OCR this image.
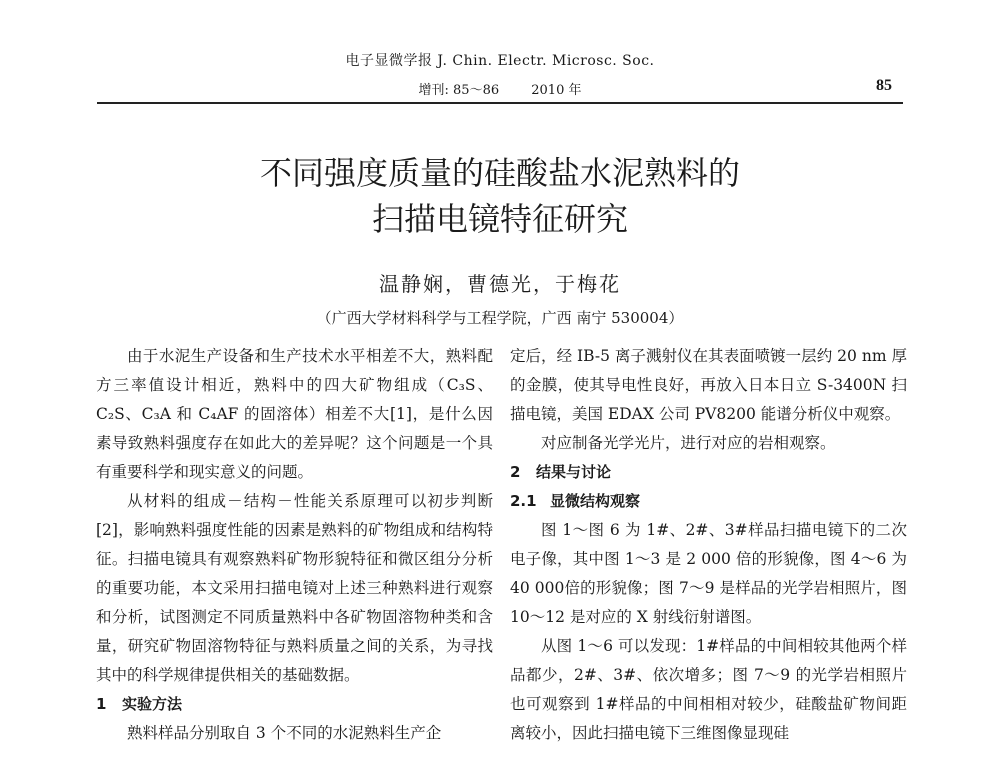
电子显微学报 J. Chin. Electr. Microsc. Soc.
增刊: 85～86 2010 年	85
不同强度质量的硅酸盐水泥熟料的
扫描电镜特征研究
温静娴，曹德光，于梅花
（广西大学材料科学与工程学院，广西 南宁 530004）

由于水泥生产设备和生产技术水平相差不大，熟料配方三率值设计相近，熟料中的四大矿物组成（C₃S、C₂S、C₃A 和 C₄AF 的固溶体）相差不大[1]，是什么因素导致熟料强度存在如此大的差异呢？这个问题是一个具有重要科学和现实意义的问题。

从材料的组成－结构－性能关系原理可以初步判断[2]，影响熟料强度性能的因素是熟料的矿物组成和结构特征。扫描电镜具有观察熟料矿物形貌特征和微区组分分析的重要功能，本文采用扫描电镜对上述三种熟料进行观察和分析，试图测定不同质量熟料中各矿物固溶物种类和含量，研究矿物固溶物特征与熟料质量之间的关系，为寻找其中的科学规律提供相关的基础数据。

1 实验方法

熟料样品分别取自 3 个不同的水泥熟料生产企

定后，经 IB-5 离子溅射仪在其表面喷镀一层约 20 nm 厚的金膜，使其导电性良好，再放入日本日立 S-3400N 扫描电镜，美国 EDAX 公司 PV8200 能谱分析仪中观察。

对应制备光学光片，进行对应的岩相观察。

2 结果与讨论

2.1 显微结构观察

图 1～图 6 为 1#、2#、3#样品扫描电镜下的二次电子像，其中图 1～3 是 2 000 倍的形貌像，图 4～6 为40 000倍的形貌像；图 7～9 是样品的光学岩相照片，图 10～12 是对应的 X 射线衍射谱图。

从图 1～6 可以发现：1#样品的中间相较其他两个样品都少，2#、3#、依次增多；图 7～9 的光学岩相照片也可观察到 1#样品的中间相相对较少，硅酸盐矿物间距离较小，因此扫描电镜下三维图像显现硅
